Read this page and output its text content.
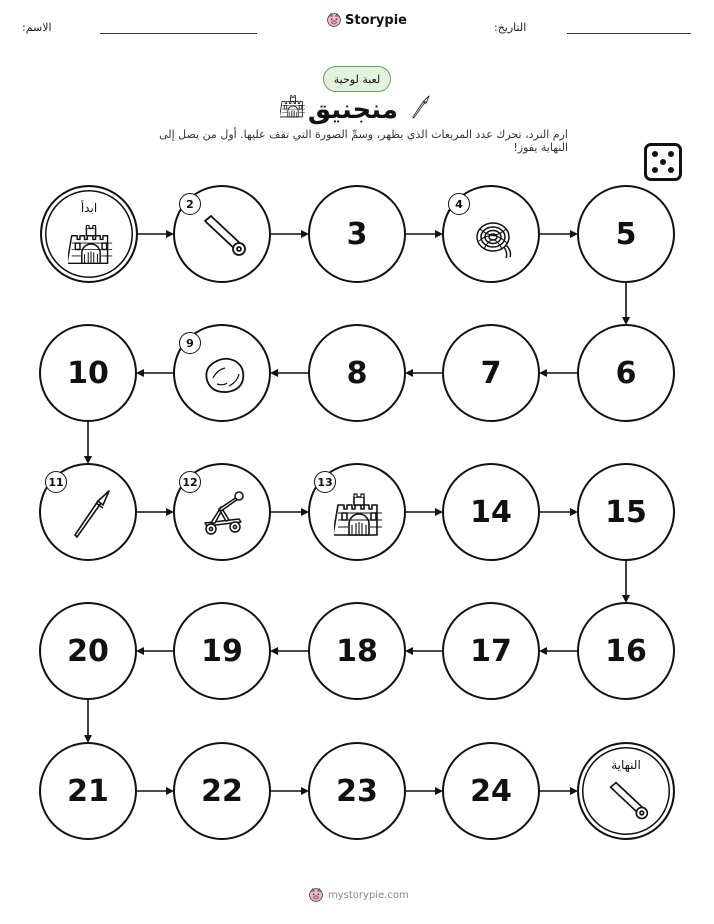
الاسم:	Storypie	التاريخ:
لعبة لوحية
منجنيق
ارم النرد، تحرك عدد المربعات الذي يظهر، وسمِّ الصورة التي تقف عليها. أول من يصل إلى النهاية يفوز!
ابدأ
النهاية
2
3
4
5
6
7
8
9
10
11	12	13
14	15
16
17
18
19
20
21	22	23	24
mystorypie.com
